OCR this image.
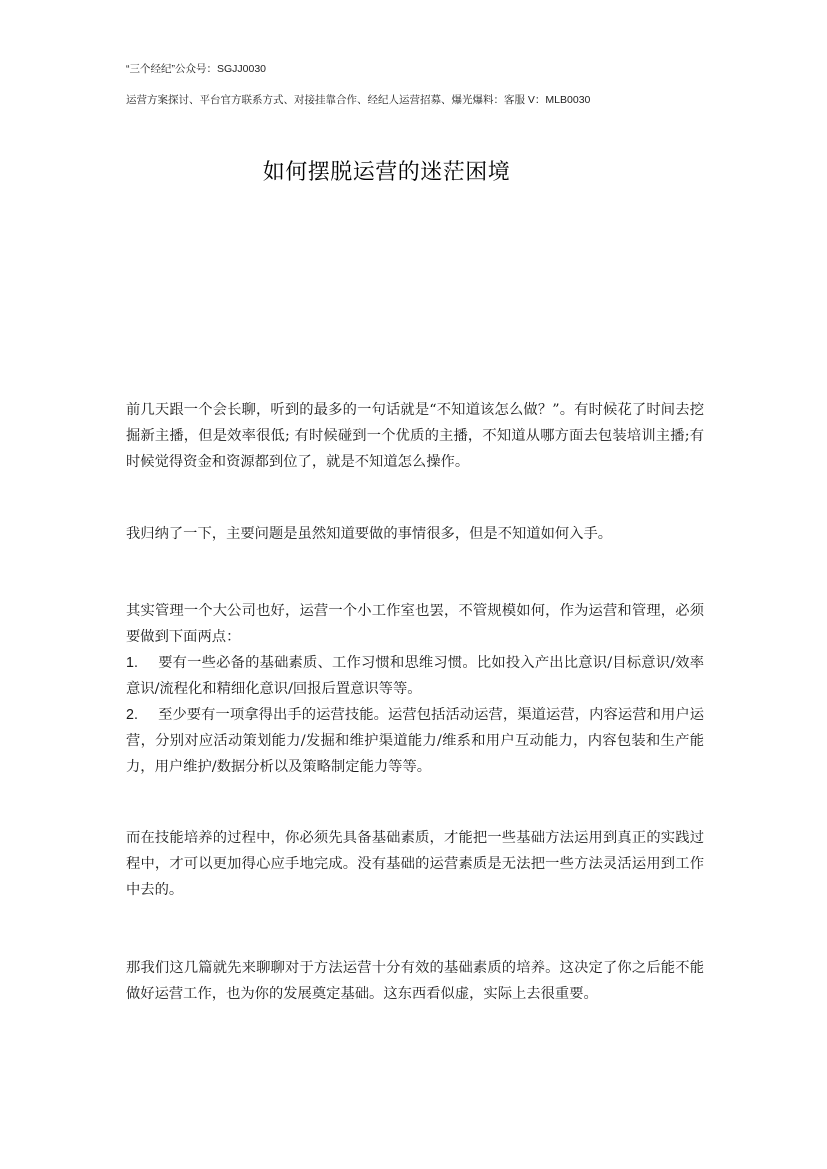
“三个经纪”公众号：SGJJ0030
运营方案探讨、平台官方联系方式、对接挂靠合作、经纪人运营招募、爆光爆料：客服 V：MLB0030
如何摆脱运营的迷茫困境

前几天跟一个会长聊，听到的最多的一句话就是“不知道该怎么做？”。有时候花了时间去挖掘新主播，但是效率很低; 有时候碰到一个优质的主播，不知道从哪方面去包装培训主播;有时候觉得资金和资源都到位了，就是不知道怎么操作。

我归纳了一下，主要问题是虽然知道要做的事情很多，但是不知道如何入手。

其实管理一个大公司也好，运营一个小工作室也罢，不管规模如何，作为运营和管理，必须要做到下面两点：
1. 要有一些必备的基础素质、工作习惯和思维习惯。比如投入产出比意识/目标意识/效率意识/流程化和精细化意识/回报后置意识等等。
2. 至少要有一项拿得出手的运营技能。运营包括活动运营，渠道运营，内容运营和用户运营，分别对应活动策划能力/发掘和维护渠道能力/维系和用户互动能力，内容包装和生产能力，用户维护/数据分析以及策略制定能力等等。

而在技能培养的过程中，你必须先具备基础素质，才能把一些基础方法运用到真正的实践过程中，才可以更加得心应手地完成。没有基础的运营素质是无法把一些方法灵活运用到工作中去的。

那我们这几篇就先来聊聊对于方法运营十分有效的基础素质的培养。这决定了你之后能不能做好运营工作，也为你的发展奠定基础。这东西看似虚，实际上去很重要。
